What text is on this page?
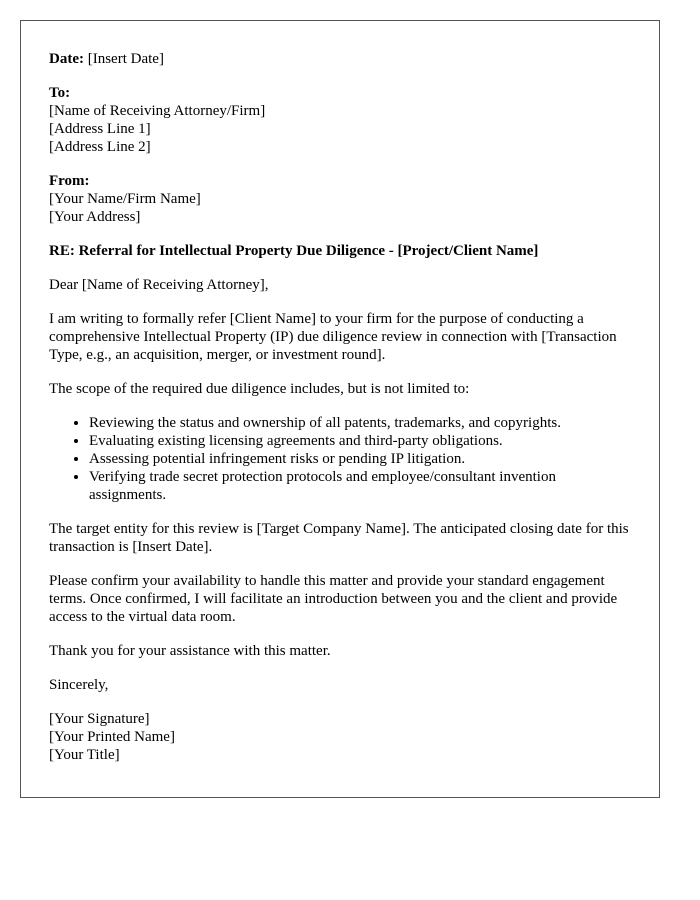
Date: [Insert Date]
To:
[Name of Receiving Attorney/Firm]
[Address Line 1]
[Address Line 2]
From:
[Your Name/Firm Name]
[Your Address]

RE: Referral for Intellectual Property Due Diligence - [Project/Client Name]

Dear [Name of Receiving Attorney],

I am writing to formally refer [Client Name] to your firm for the purpose of conducting a comprehensive Intellectual Property (IP) due diligence review in connection with [Transaction Type, e.g., an acquisition, merger, or investment round].

The scope of the required due diligence includes, but is not limited to:

• Reviewing the status and ownership of all patents, trademarks, and copyrights.
• Evaluating existing licensing agreements and third-party obligations.
• Assessing potential infringement risks or pending IP litigation.
• Verifying trade secret protection protocols and employee/consultant invention assignments.

The target entity for this review is [Target Company Name]. The anticipated closing date for this transaction is [Insert Date].

Please confirm your availability to handle this matter and provide your standard engagement terms. Once confirmed, I will facilitate an introduction between you and the client and provide access to the virtual data room.

Thank you for your assistance with this matter.

Sincerely,

[Your Signature]
[Your Printed Name]
[Your Title]
